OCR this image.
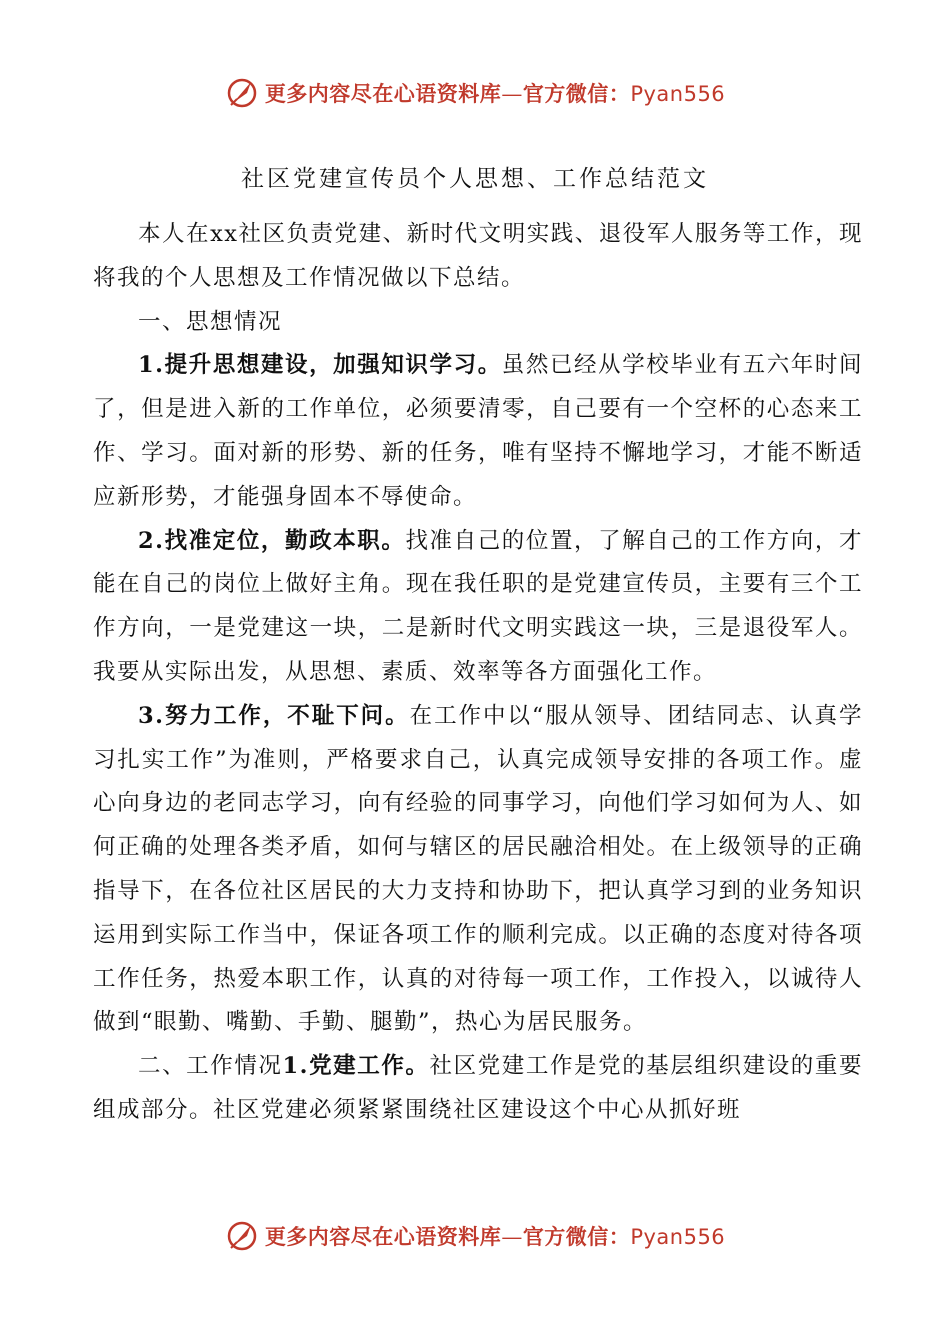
更多内容尽在心语资料库—官方微信：Pyan556
社区党建宣传员个人思想、工作总结范文

本人在xx社区负责党建、新时代文明实践、退役军人服务等工作，现将我的个人思想及工作情况做以下总结。

一、思想情况

1.提升思想建设，加强知识学习。虽然已经从学校毕业有五六年时间了，但是进入新的工作单位，必须要清零，自己要有一个空杯的心态来工作、学习。面对新的形势、新的任务，唯有坚持不懈地学习，才能不断适应新形势，才能强身固本不辱使命。

2.找准定位，勤政本职。找准自己的位置，了解自己的工作方向，才能在自己的岗位上做好主角。现在我任职的是党建宣传员，主要有三个工作方向，一是党建这一块，二是新时代文明实践这一块，三是退役军人。我要从实际出发，从思想、素质、效率等各方面强化工作。

3.努力工作，不耻下问。在工作中以“服从领导、团结同志、认真学习扎实工作”为准则，严格要求自己，认真完成领导安排的各项工作。虚心向身边的老同志学习，向有经验的同事学习，向他们学习如何为人、如何正确的处理各类矛盾，如何与辖区的居民融洽相处。在上级领导的正确指导下，在各位社区居民的大力支持和协助下，把认真学习到的业务知识运用到实际工作当中，保证各项工作的顺利完成。以正确的态度对待各项工作任务，热爱本职工作，认真的对待每一项工作，工作投入，以诚待人做到“眼勤、嘴勤、手勤、腿勤”，热心为居民服务。

二、工作情况1.党建工作。社区党建工作是党的基层组织建设的重要组成部分。社区党建必须紧紧围绕社区建设这个中心从抓好班

更多内容尽在心语资料库—官方微信：Pyan556
